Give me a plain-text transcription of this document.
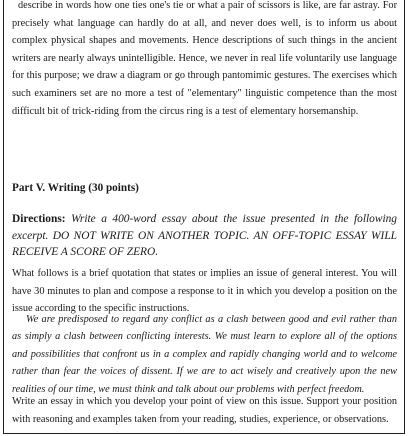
describe in words how one ties one's tie or what a pair of scissors is like, are far astray. For precisely what language can hardly do at all, and never does well, is to inform us about complex physical shapes and movements. Hence descriptions of such things in the ancient writers are nearly always unintelligible. Hence, we never in real life voluntarily use language for this purpose; we draw a diagram or go through pantomimic gestures. The exercises which such examiners set are no more a test of "elementary" linguistic competence than the most difficult bit of trick-riding from the circus ring is a test of elementary horsemanship.

Part V. Writing (30 points)

Directions: Write a 400-word essay about the issue presented in the following excerpt. DO NOT WRITE ON ANOTHER TOPIC. AN OFF-TOPIC ESSAY WILL RECEIVE A SCORE OF ZERO.

What follows is a brief quotation that states or implies an issue of general interest. You will have 30 minutes to plan and compose a response to it in which you develop a position on the issue according to the specific instructions.

We are predisposed to regard any conflict as a clash between good and evil rather than as simply a clash between conflicting interests. We must learn to explore all of the options and possibilities that confront us in a complex and rapidly changing world and to welcome rather than fear the voices of dissent. If we are to act wisely and creatively upon the new realities of our time, we must think and talk about our problems with perfect freedom.

Write an essay in which you develop your point of view on this issue. Support your position with reasoning and examples taken from your reading, studies, experience, or observations.
